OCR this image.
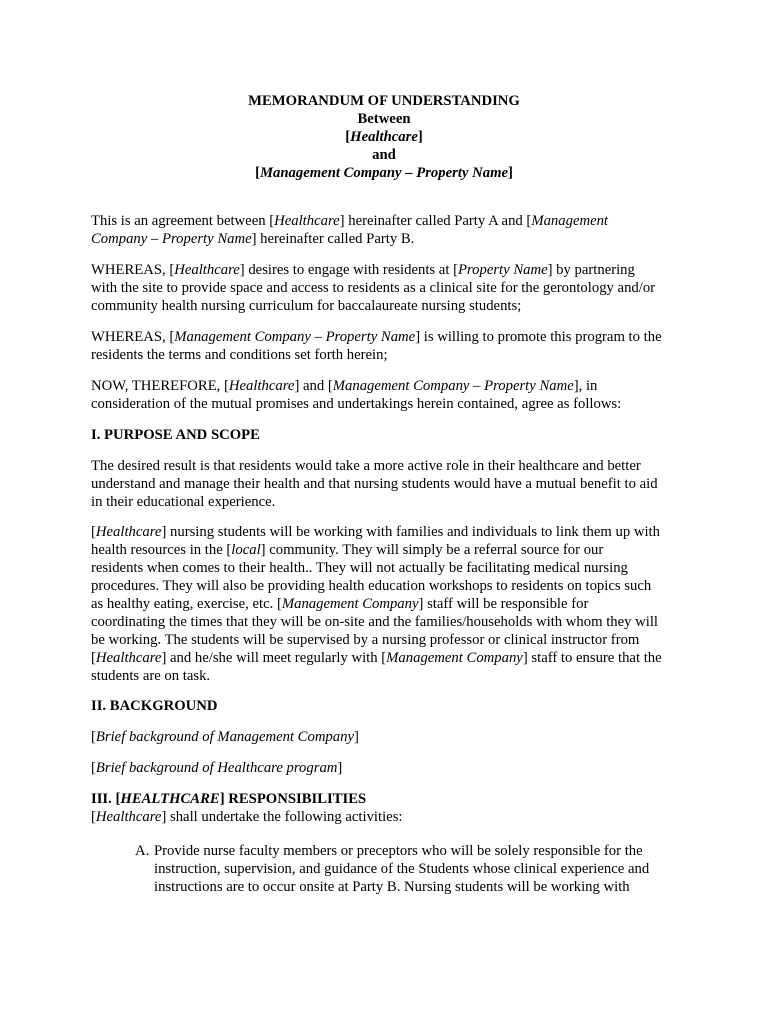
MEMORANDUM OF UNDERSTANDING
Between
[Healthcare]
and
[Management Company – Property Name]
This is an agreement between [Healthcare] hereinafter called Party A and [Management
Company – Property Name] hereinafter called Party B.
WHEREAS, [Healthcare] desires to engage with residents at [Property Name] by partnering
with the site to provide space and access to residents as a clinical site for the gerontology and/or
community health nursing curriculum for baccalaureate nursing students;
WHEREAS, [Management Company – Property Name] is willing to promote this program to the
residents the terms and conditions set forth herein;
NOW, THEREFORE, [Healthcare] and [Management Company – Property Name], in
consideration of the mutual promises and undertakings herein contained, agree as follows:
I. PURPOSE AND SCOPE
The desired result is that residents would take a more active role in their healthcare and better
understand and manage their health and that nursing students would have a mutual benefit to aid
in their educational experience.
[Healthcare] nursing students will be working with families and individuals to link them up with
health resources in the [local] community. They will simply be a referral source for our
residents when comes to their health.. They will not actually be facilitating medical nursing
procedures. They will also be providing health education workshops to residents on topics such
as healthy eating, exercise, etc. [Management Company] staff will be responsible for
coordinating the times that they will be on-site and the families/households with whom they will
be working. The students will be supervised by a nursing professor or clinical instructor from
[Healthcare] and he/she will meet regularly with [Management Company] staff to ensure that the
students are on task.
II. BACKGROUND
[Brief background of Management Company]
[Brief background of Healthcare program]
III. [HEALTHCARE] RESPONSIBILITIES
[Healthcare] shall undertake the following activities:
A. Provide nurse faculty members or preceptors who will be solely responsible for the
instruction, supervision, and guidance of the Students whose clinical experience and
instructions are to occur onsite at Party B. Nursing students will be working with
